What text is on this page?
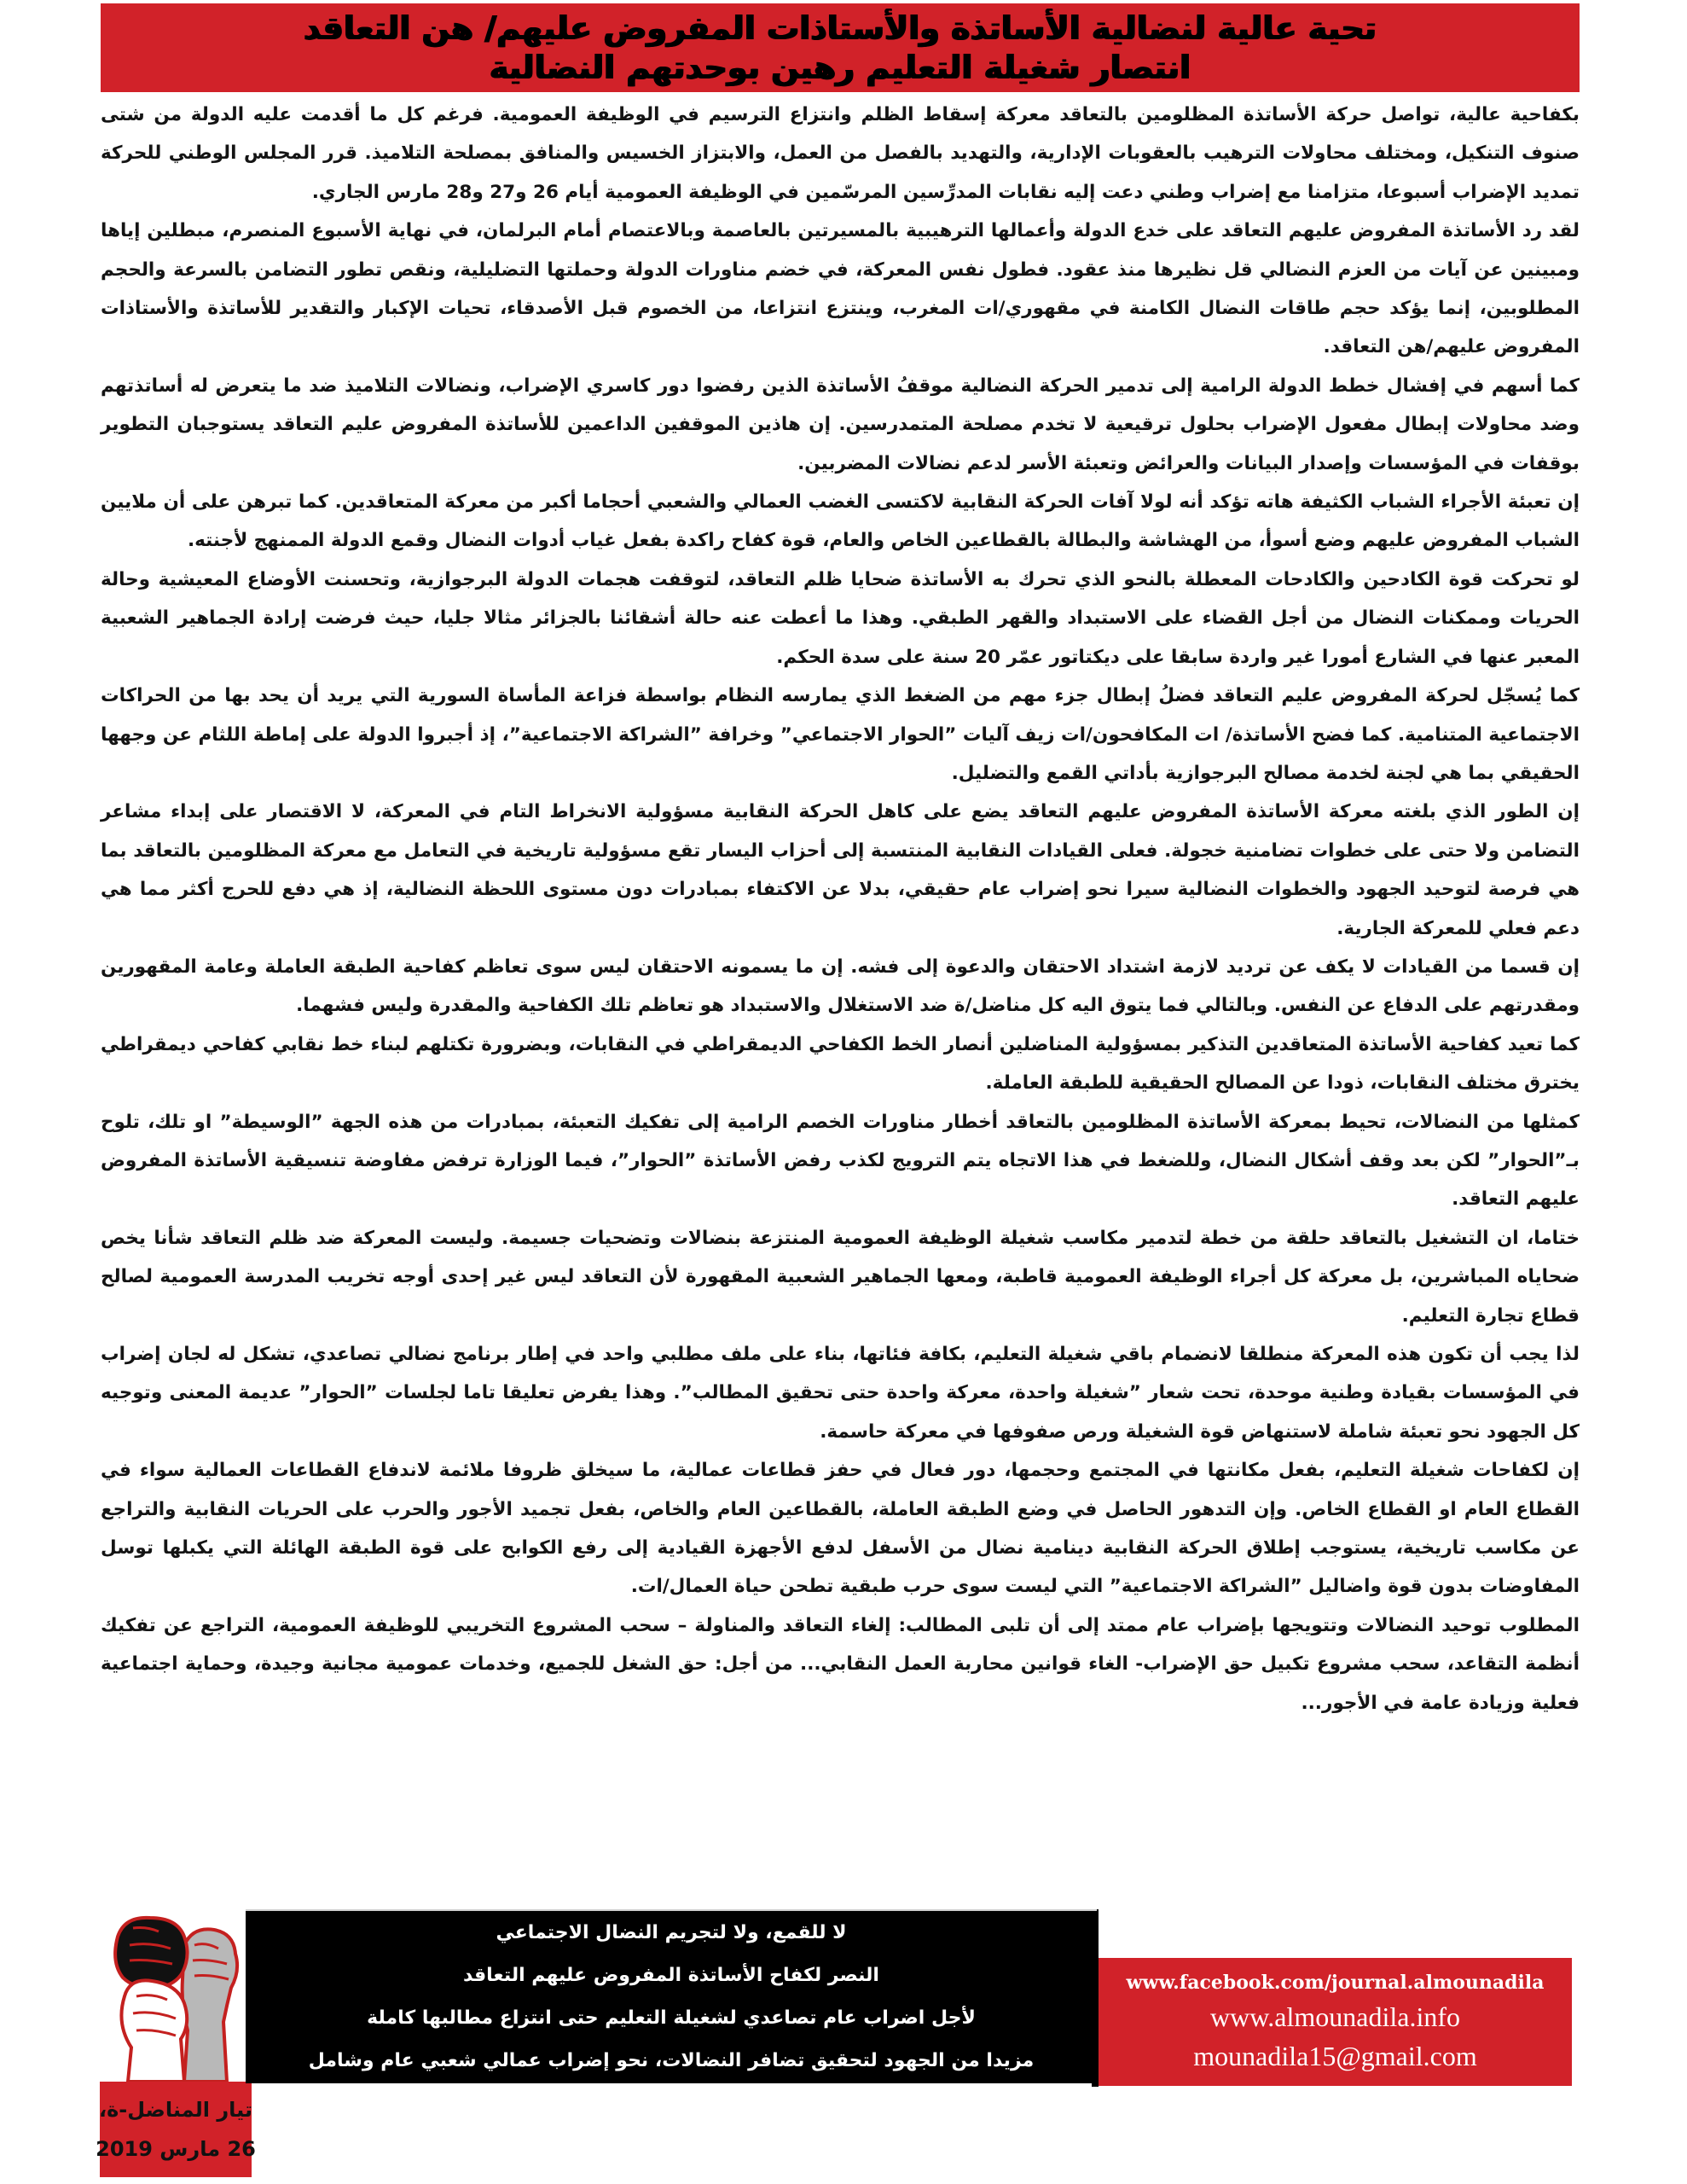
تحية عالية لنضالية الأساتذة والأستاذات المفروض عليهم/ هن التعاقد
انتصار شغيلة التعليم رهين بوحدتهم النضالية

بكفاحية عالية، تواصل حركة الأساتذة المظلومين بالتعاقد معركة إسقاط الظلم وانتزاع الترسيم في الوظيفة العمومية. فرغم كل ما أقدمت عليه الدولة من شتى صنوف التنكيل، ومختلف محاولات الترهيب بالعقوبات الإدارية، والتهديد بالفصل من العمل، والابتزاز الخسيس والمنافق بمصلحة التلاميذ. قرر المجلس الوطني للحركة تمديد الإضراب أسبوعا، متزامنا مع إضراب وطني دعت إليه نقابات المدرِّسين المرسّمين في الوظيفة العمومية أيام 26 و27 و28 مارس الجاري.

لقد رد الأساتذة المفروض عليهم التعاقد على خدع الدولة وأعمالها الترهيبية بالمسيرتين بالعاصمة وبالاعتصام أمام البرلمان، في نهاية الأسبوع المنصرم، مبطلين إياها ومبينين عن آيات من العزم النضالي قل نظيرها منذ عقود. فطول نفس المعركة، في خضم مناورات الدولة وحملتها التضليلية، ونقص تطور التضامن بالسرعة والحجم المطلوبين، إنما يؤكد حجم طاقات النضال الكامنة في مقهوري/ات المغرب، وينتزع انتزاعا، من الخصوم قبل الأصدقاء، تحيات الإكبار والتقدير للأساتذة والأستاذات المفروض عليهم/هن التعاقد.

كما أسهم في إفشال خطط الدولة الرامية إلى تدمير الحركة النضالية موقفُ الأساتذة الذين رفضوا دور كاسري الإضراب، ونضالات التلاميذ ضد ما يتعرض له أساتذتهم وضد محاولات إبطال مفعول الإضراب بحلول ترقيعية لا تخدم مصلحة المتمدرسين. إن هاذين الموقفين الداعمين للأساتذة المفروض عليم التعاقد يستوجبان التطوير بوقفات في المؤسسات وإصدار البيانات والعرائض وتعبئة الأسر لدعم نضالات المضربين.

إن تعبئة الأجراء الشباب الكثيفة هاته تؤكد أنه لولا آفات الحركة النقابية لاكتسى الغضب العمالي والشعبي أحجاما أكبر من معركة المتعاقدين. كما تبرهن على أن ملايين الشباب المفروض عليهم وضع أسوأ، من الهشاشة والبطالة بالقطاعين الخاص والعام، قوة كفاح راكدة بفعل غياب أدوات النضال وقمع الدولة الممنهج لأجنته.

لو تحركت قوة الكادحين والكادحات المعطلة بالنحو الذي تحرك به الأساتذة ضحايا ظلم التعاقد، لتوقفت هجمات الدولة البرجوازية، وتحسنت الأوضاع المعيشية وحالة الحريات وممكنات النضال من أجل القضاء على الاستبداد والقهر الطبقي. وهذا ما أعطت عنه حالة أشقائنا بالجزائر مثالا جليا، حيث فرضت إرادة الجماهير الشعبية المعبر عنها في الشارع أمورا غير واردة سابقا على ديكتاتور عمّر 20 سنة على سدة الحكم.

كما يُسجّل لحركة المفروض عليم التعاقد فضلُ إبطال جزء مهم من الضغط الذي يمارسه النظام بواسطة فزاعة المأساة السورية التي يريد أن يحد بها من الحراكات الاجتماعية المتنامية. كما فضح الأساتذة/ ات المكافحون/ات زيف آليات ”الحوار الاجتماعي” وخرافة ”الشراكة الاجتماعية”، إذ أجبروا الدولة على إماطة اللثام عن وجهها الحقيقي بما هي لجنة لخدمة مصالح البرجوازية بأداتي القمع والتضليل.

إن الطور الذي بلغته معركة الأساتذة المفروض عليهم التعاقد يضع على كاهل الحركة النقابية مسؤولية الانخراط التام في المعركة، لا الاقتصار على إبداء مشاعر التضامن ولا حتى على خطوات تضامنية خجولة. فعلى القيادات النقابية المنتسبة إلى أحزاب اليسار تقع مسؤولية تاريخية في التعامل مع معركة المظلومين بالتعاقد بما هي فرصة لتوحيد الجهود والخطوات النضالية سيرا نحو إضراب عام حقيقي، بدلا عن الاكتفاء بمبادرات دون مستوى اللحظة النضالية، إذ هي دفع للحرج أكثر مما هي دعم فعلي للمعركة الجارية.

إن قسما من القيادات لا يكف عن ترديد لازمة اشتداد الاحتقان والدعوة إلى فشه. إن ما يسمونه الاحتقان ليس سوى تعاظم كفاحية الطبقة العاملة وعامة المقهورين ومقدرتهم على الدفاع عن النفس. وبالتالي فما يتوق اليه كل مناضل/ة ضد الاستغلال والاستبداد هو تعاظم تلك الكفاحية والمقدرة وليس فشهما.

كما تعيد كفاحية الأساتذة المتعاقدين التذكير بمسؤولية المناضلين أنصار الخط الكفاحي الديمقراطي في النقابات، وبضرورة تكتلهم لبناء خط نقابي كفاحي ديمقراطي يخترق مختلف النقابات، ذودا عن المصالح الحقيقية للطبقة العاملة.

كمثلها من النضالات، تحيط بمعركة الأساتذة المظلومين بالتعاقد أخطار مناورات الخصم الرامية إلى تفكيك التعبئة، بمبادرات من هذه الجهة ”الوسيطة” او تلك، تلوح بـ”الحوار” لكن بعد وقف أشكال النضال، وللضغط في هذا الاتجاه يتم الترويج لكذب رفض الأساتذة ”الحوار”، فيما الوزارة ترفض مفاوضة تنسيقية الأساتذة المفروض عليهم التعاقد.

ختاما، ان التشغيل بالتعاقد حلقة من خطة لتدمير مكاسب شغيلة الوظيفة العمومية المنتزعة بنضالات وتضحيات جسيمة. وليست المعركة ضد ظلم التعاقد شأنا يخص ضحاياه المباشرين، بل معركة كل أجراء الوظيفة العمومية قاطبة، ومعها الجماهير الشعبية المقهورة لأن التعاقد ليس غير إحدى أوجه تخريب المدرسة العمومية لصالح قطاع تجارة التعليم.

لذا يجب أن تكون هذه المعركة منطلقا لانضمام باقي شغيلة التعليم، بكافة فئاتها، بناء على ملف مطلبي واحد في إطار برنامج نضالي تصاعدي، تشكل له لجان إضراب في المؤسسات بقيادة وطنية موحدة، تحت شعار ”شغيلة واحدة، معركة واحدة حتى تحقيق المطالب”. وهذا يفرض تعليقا تاما لجلسات ”الحوار” عديمة المعنى وتوجيه كل الجهود نحو تعبئة شاملة لاستنهاض قوة الشغيلة ورص صفوفها في معركة حاسمة.

إن لكفاحات شغيلة التعليم، بفعل مكانتها في المجتمع وحجمها، دور فعال في حفز قطاعات عمالية، ما سيخلق ظروفا ملائمة لاندفاع القطاعات العمالية سواء في القطاع العام او القطاع الخاص. وإن التدهور الحاصل في وضع الطبقة العاملة، بالقطاعين العام والخاص، بفعل تجميد الأجور والحرب على الحريات النقابية والتراجع عن مكاسب تاريخية، يستوجب إطلاق الحركة النقابية دينامية نضال من الأسفل لدفع الأجهزة القيادية إلى رفع الكوابح على قوة الطبقة الهائلة التي يكبلها توسل المفاوضات بدون قوة واضاليل ”الشراكة الاجتماعية” التي ليست سوى حرب طبقية تطحن حياة العمال/ات.

المطلوب توحيد النضالات وتتويجها بإضراب عام ممتد إلى أن تلبى المطالب: إلغاء التعاقد والمناولة – سحب المشروع التخريبي للوظيفة العمومية، التراجع عن تفكيك أنظمة التقاعد، سحب مشروع تكبيل حق الإضراب- الغاء قوانين محاربة العمل النقابي... من أجل: حق الشغل للجميع، وخدمات عمومية مجانية وجيدة، وحماية اجتماعية فعلية وزيادة عامة في الأجور...

تيار المناضل-ة،
26 مارس 2019
لا للقمع، ولا لتجريم النضال الاجتماعي
النصر لكفاح الأساتذة المفروض عليهم التعاقد
لأجل اضراب عام تصاعدي لشغيلة التعليم حتى انتزاع مطالبها كاملة
مزيدا من الجهود لتحقيق تضافر النضالات، نحو إضراب عمالي شعبي عام وشامل
www.facebook.com/journal.almounadila
www.almounadila.info
mounadila15@gmail.com
